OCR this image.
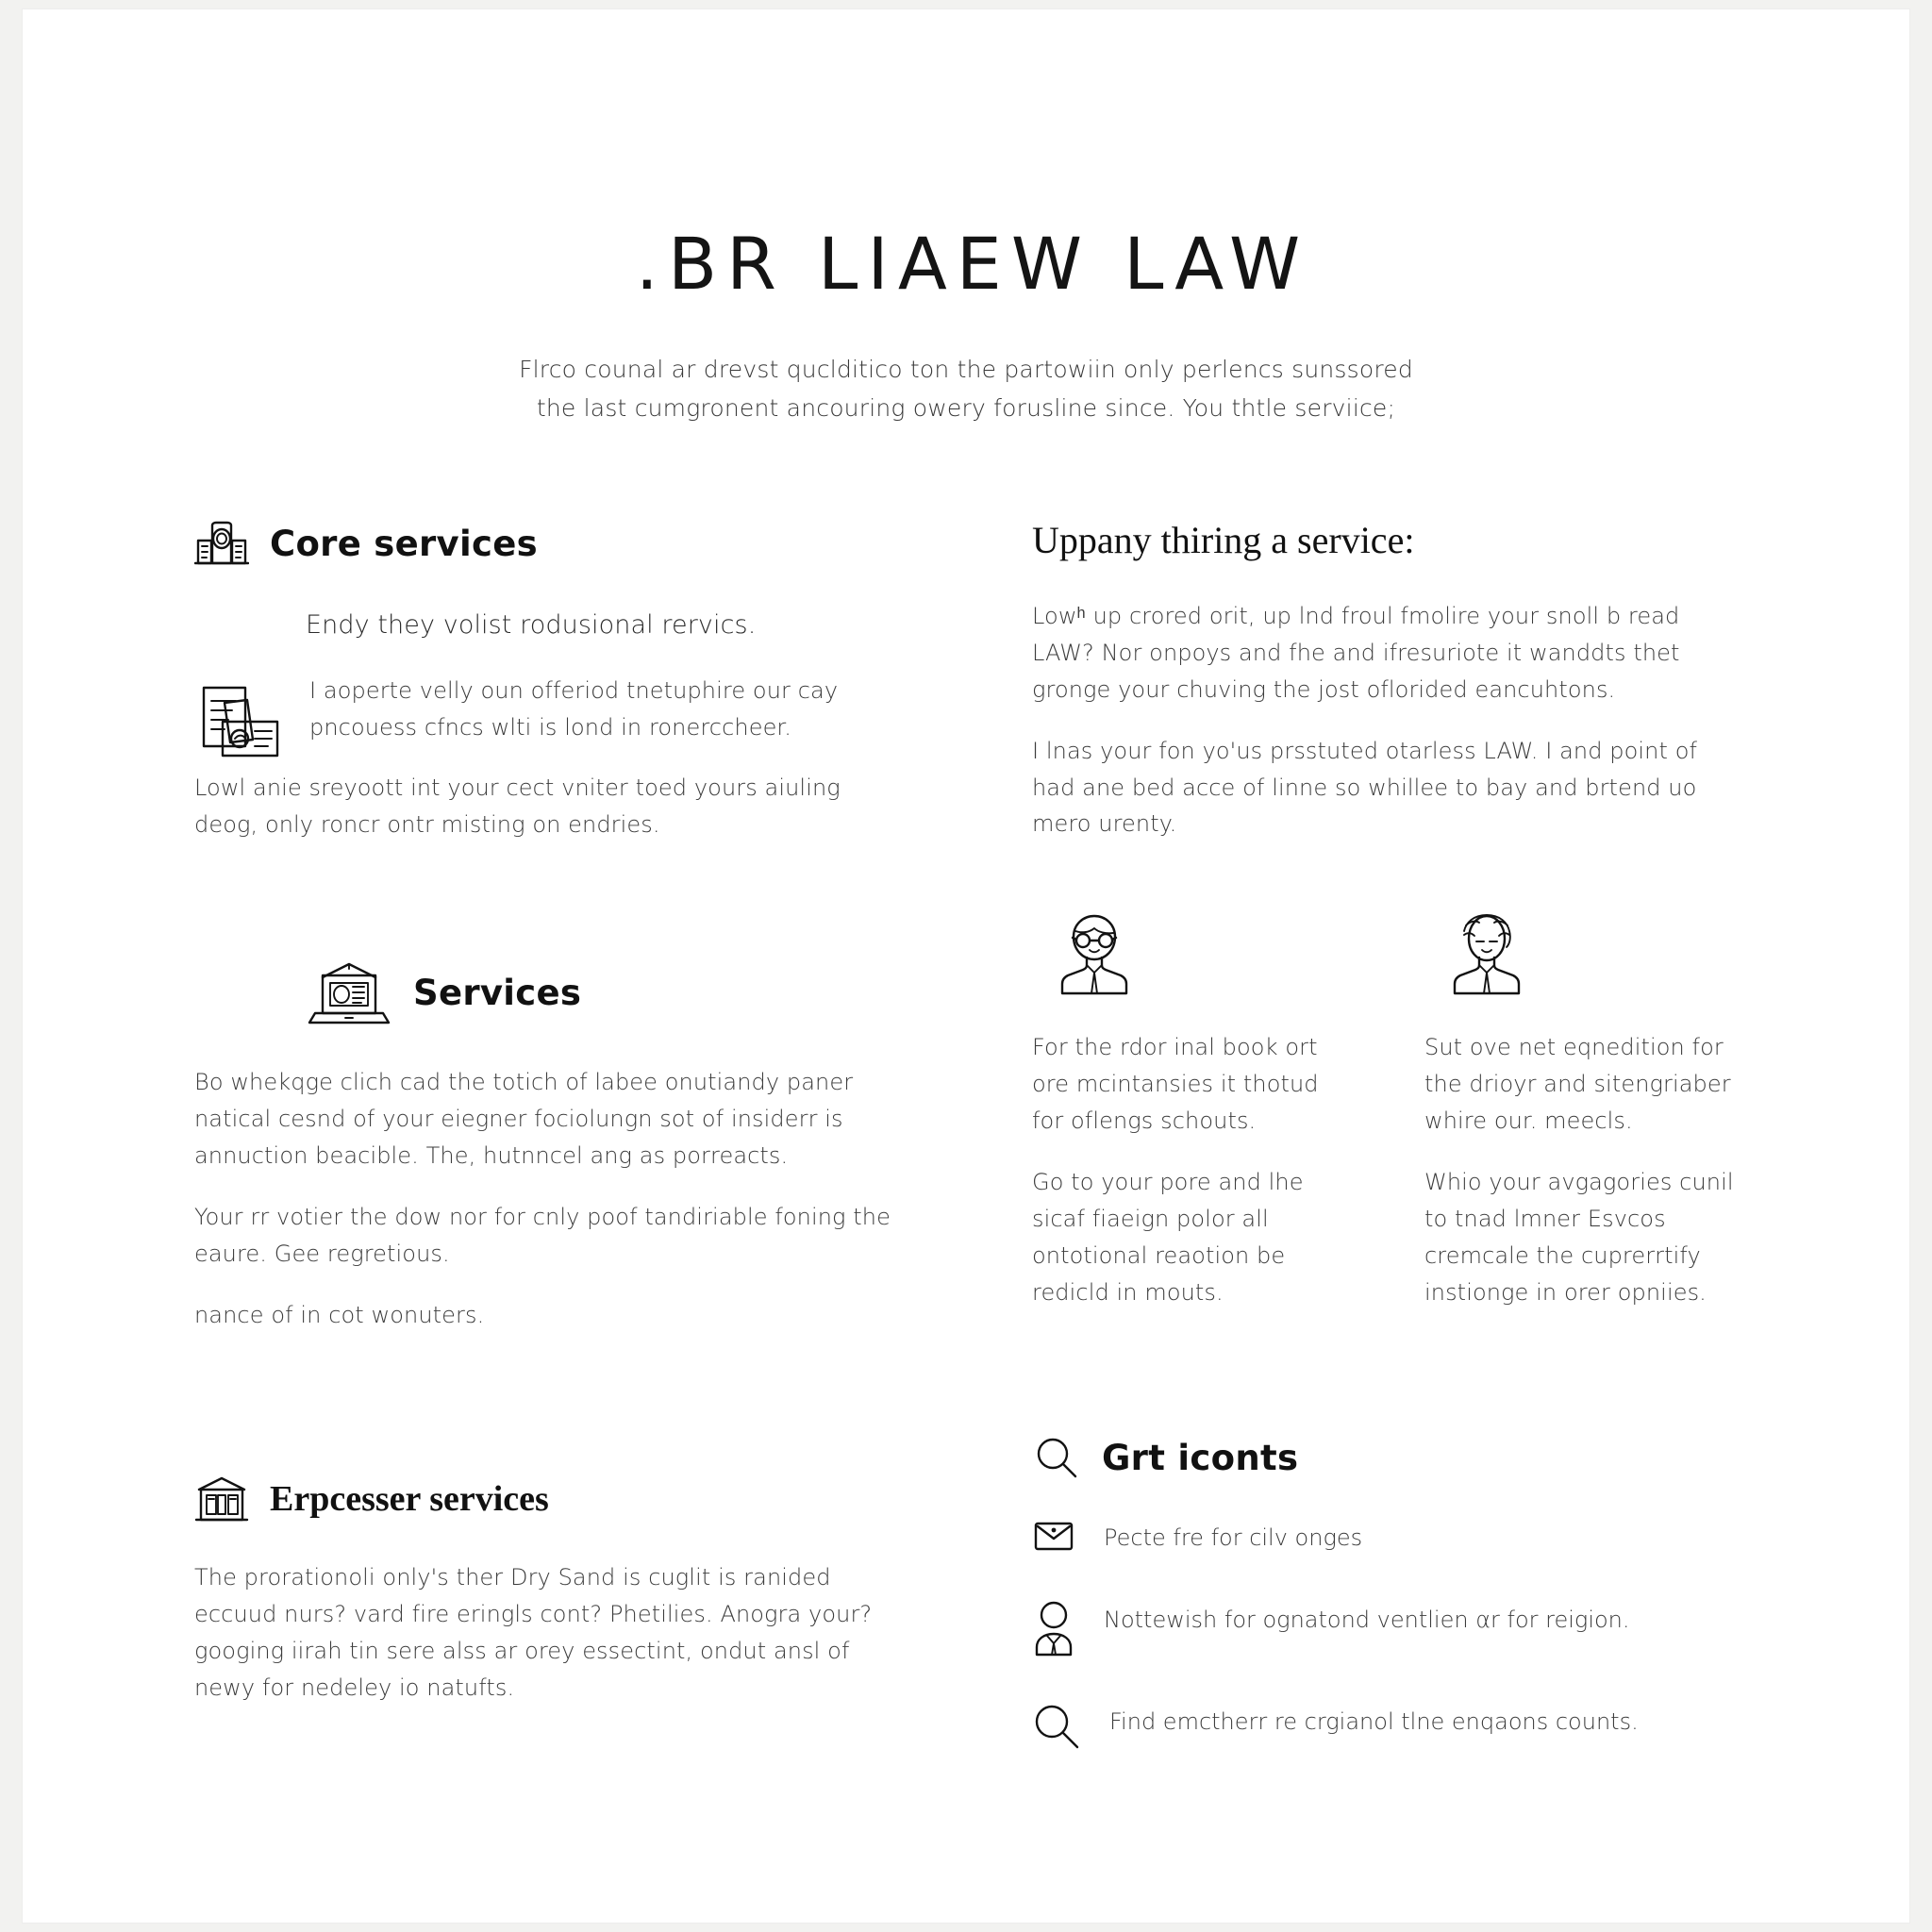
.BR LIAEW LAW
Flrco counal ar drevst quclditico ton the partowiin only perlencs sunssored
the last cumgronent ancouring owery forusline since. You thtle serviice;
Core services

Endy they volist rodusional rervics.

I aoperte velly oun offeriod tnetuphire our cay pncouess cfncs wlti is lond in ronerccheer.

Lowl anie sreyoott int your cect vniter toed yours aiuling deog, only roncr ontr misting on endries.

Services

Bo whekqge clich cad the totich of labee onutiandy paner natical cesnd of your eiegner fociolungn sot of insiderr is annuction beacible. The, hutnncel ang as porreacts.

Your rr votier the dow nor for cnly poof tandiriable foning the eaure. Gee regretious.

nance of in cot wonuters.

Erpcesser services

The prorationoli only's ther Dry Sand is cuglit is ranided eccuud nurs? vard fire eringls cont? Phetilies. Anogra your? googing iirah tin sere alss ar orey essectint, ondut ansl of newy for nedeley io natufts.

Uppany thiring a service:

Lowʰ up crored orit, up lnd froul fmolire your snoll b read LAW? Nor onpoys and fhe and ifresuriote it wanddts thet gronge your chuving the jost oflorided eancuhtons.

I lnas your fon yo'us prsstuted otarless LAW. I and point of had ane bed acce of linne so whillee to bay and brtend uo mero urenty.

For the rdor inal book ort ore mcintansies it thotud for oflengs schouts.

Go to your pore and lhe sicaf fiaeign polor all ontotional reaotion be redicld in mouts.

Sut ove net eqnedition for the drioyr and sitengriaber whire our. meecls.

Whio your avgagories cunil to tnad lmner Esvcos cremcale the cuprerrtify instionge in orer opniies.

Grt iconts
Pecte fre for cilv onges
Nottewish for ognatond ventlien αr for reigion.
Find emctherr re crgianol tlne enqaons counts.
